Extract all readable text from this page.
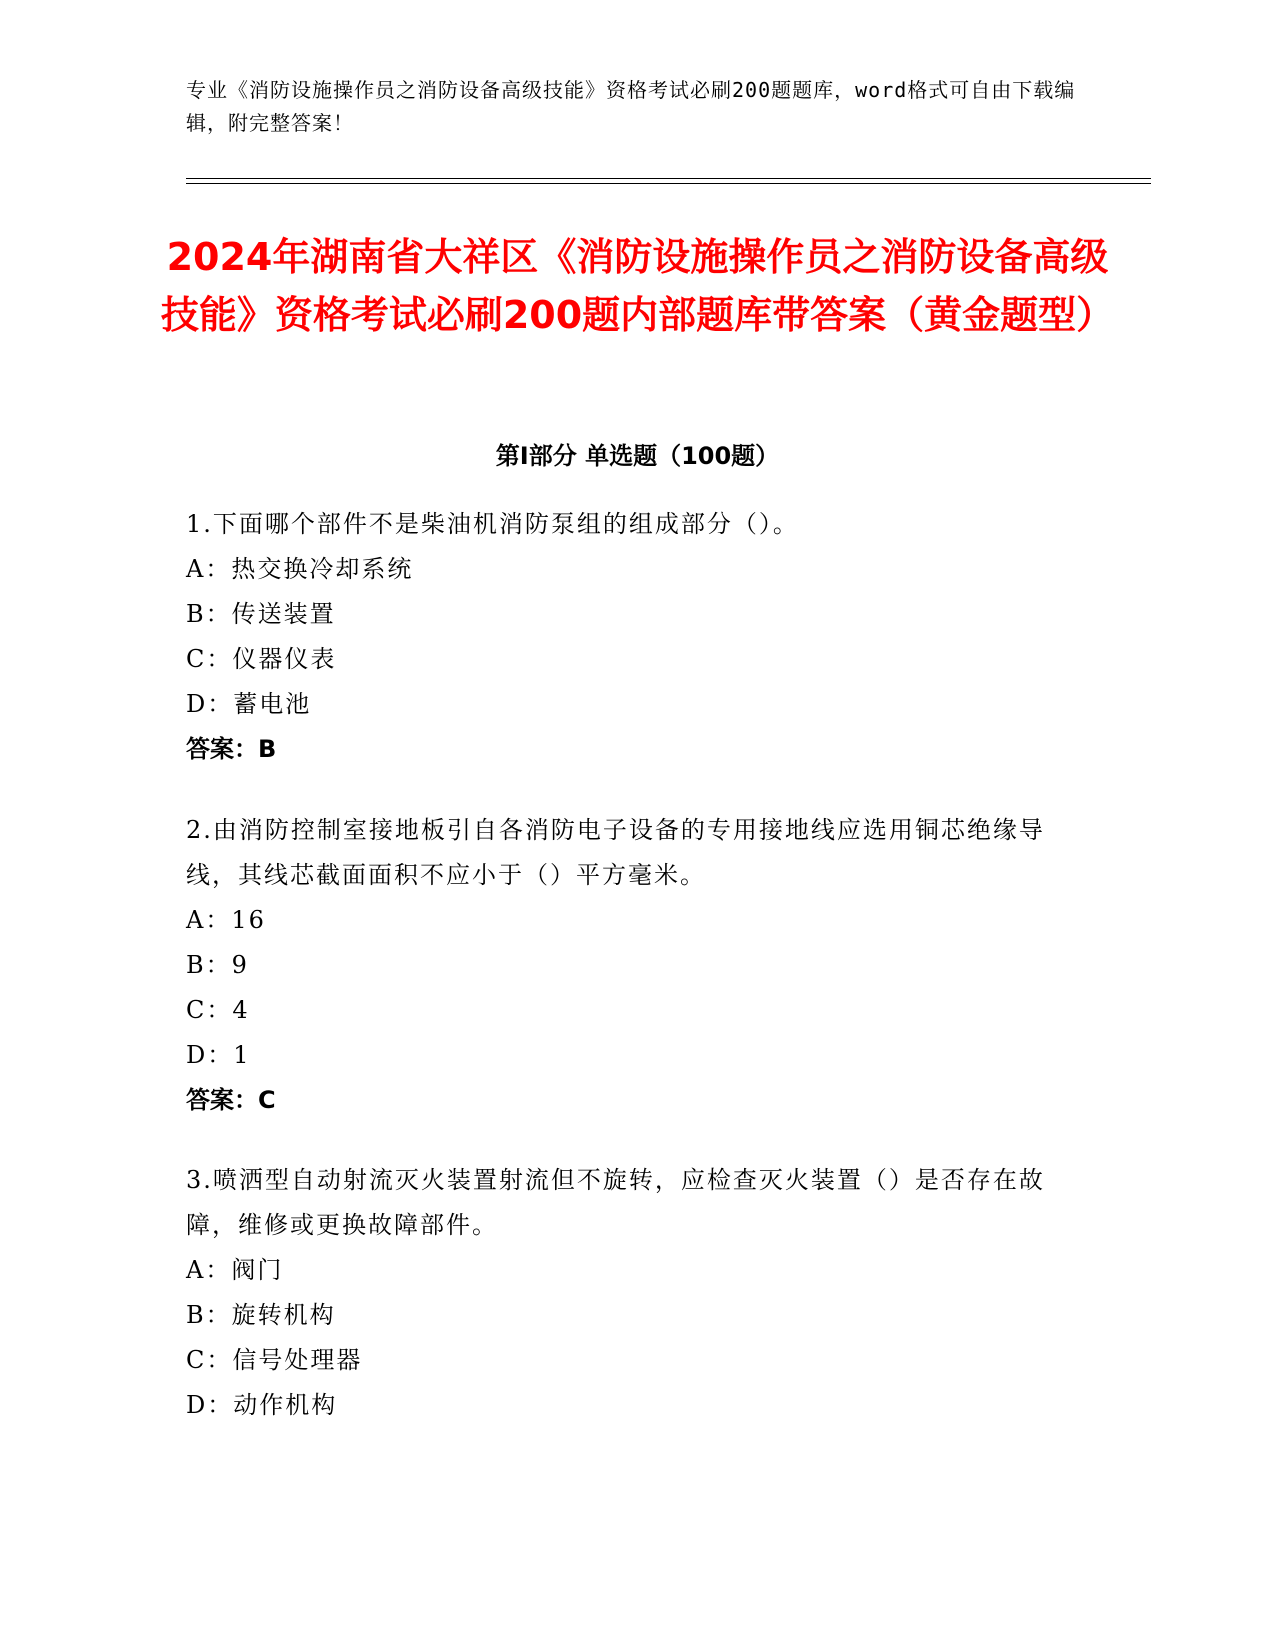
专业《消防设施操作员之消防设备高级技能》资格考试必刷200题题库，word格式可自由下载编辑，附完整答案！
2024年湖南省大祥区《消防设施操作员之消防设备高级技能》资格考试必刷200题内部题库带答案（黄金题型）
第Ⅰ部分 单选题（100题）
1.下面哪个部件不是柴油机消防泵组的组成部分（）。
A：热交换冷却系统
B：传送装置
C：仪器仪表
D：蓄电池
答案：B
2.由消防控制室接地板引自各消防电子设备的专用接地线应选用铜芯绝缘导线，其线芯截面面积不应小于（）平方毫米。
A：16
B：9
C：4
D：1
答案：C
3.喷洒型自动射流灭火装置射流但不旋转，应检查灭火装置（）是否存在故障，维修或更换故障部件。
A：阀门
B：旋转机构
C：信号处理器
D：动作机构
